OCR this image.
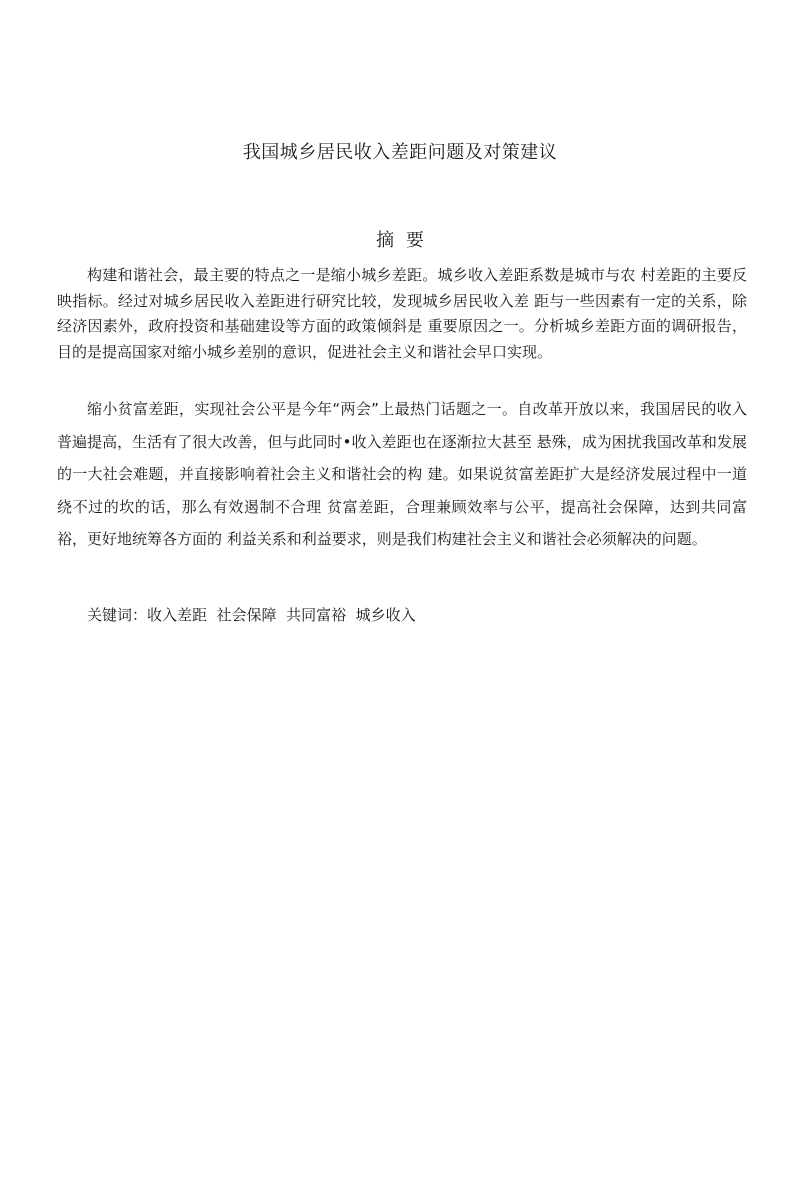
我国城乡居民收入差距问题及对策建议
摘 要

构建和谐社会，最主要的特点之一是缩小城乡差距。城乡收入差距系数是城市与农 村差距的主要反映指标。经过对城乡居民收入差距进行研究比较，发现城乡居民收入差 距与一些因素有一定的关系，除经济因素外，政府投资和基础建设等方面的政策倾斜是 重要原因之一。分析城乡差距方面的调研报告，目的是提高国家对缩小城乡差别的意识，促进社会主义和谐社会早口实现。

缩小贫富差距，实现社会公平是今年“两会”上最热门话题之一。自改革开放以来，我国居民的收入普遍提高，生活有了很大改善，但与此同时•收入差距也在逐渐拉大甚至 悬殊，成为困扰我国改革和发展的一大社会难题，并直接影响着社会主义和谐社会的构 建。如果说贫富差距扩大是经济发展过程中一道绕不过的坎的话，那么有效遏制不合理 贫富差距，合理兼顾效率与公平，提高社会保障，达到共同富裕，更好地统筹各方面的 利益关系和利益要求，则是我们构建社会主义和谐社会必须解决的问题。

关键词：收入差距  社会保障  共同富裕  城乡收入
